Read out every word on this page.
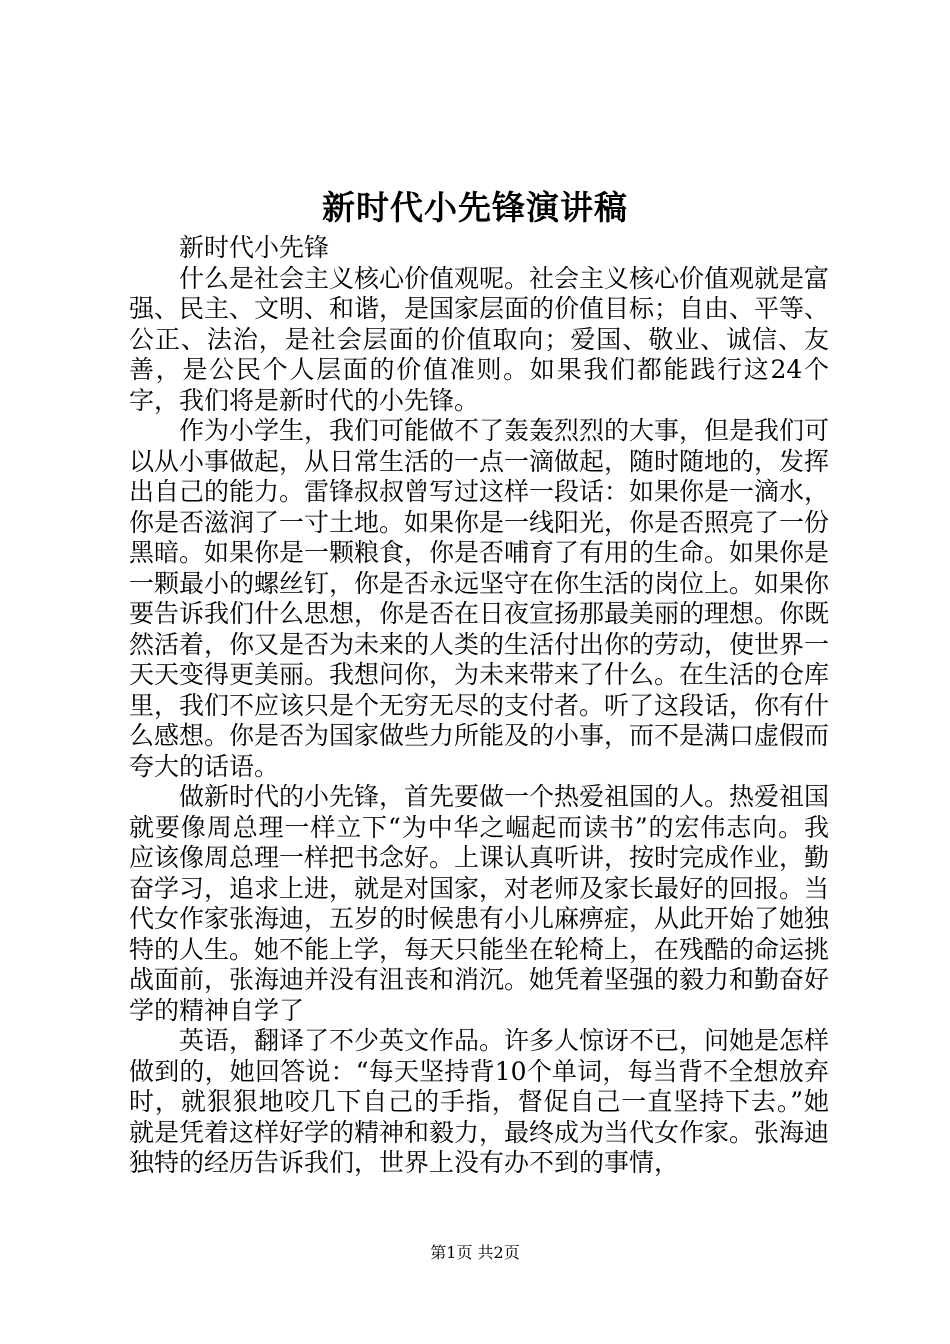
新时代小先锋演讲稿

新时代小先锋

什么是社会主义核心价值观呢。社会主义核心价值观就是富强、民主、文明、和谐，是国家层面的价值目标；自由、平等、公正、法治，是社会层面的价值取向；爱国、敬业、诚信、友善，是公民个人层面的价值准则。如果我们都能践行这24个字，我们将是新时代的小先锋。

作为小学生，我们可能做不了轰轰烈烈的大事，但是我们可以从小事做起，从日常生活的一点一滴做起，随时随地的，发挥出自己的能力。雷锋叔叔曾写过这样一段话：如果你是一滴水，你是否滋润了一寸土地。如果你是一线阳光，你是否照亮了一份黑暗。如果你是一颗粮食，你是否哺育了有用的生命。如果你是一颗最小的螺丝钉，你是否永远坚守在你生活的岗位上。如果你要告诉我们什么思想，你是否在日夜宣扬那最美丽的理想。你既然活着，你又是否为未来的人类的生活付出你的劳动，使世界一天天变得更美丽。我想问你，为未来带来了什么。在生活的仓库里，我们不应该只是个无穷无尽的支付者。听了这段话，你有什么感想。你是否为国家做些力所能及的小事，而不是满口虚假而夸大的话语。

做新时代的小先锋，首先要做一个热爱祖国的人。热爱祖国就要像周总理一样立下“为中华之崛起而读书”的宏伟志向。我应该像周总理一样把书念好。上课认真听讲，按时完成作业，勤奋学习，追求上进，就是对国家，对老师及家长最好的回报。当代女作家张海迪，五岁的时候患有小儿麻痹症，从此开始了她独特的人生。她不能上学，每天只能坐在轮椅上，在残酷的命运挑战面前，张海迪并没有沮丧和消沉。她凭着坚强的毅力和勤奋好学的精神自学了

英语，翻译了不少英文作品。许多人惊讶不已，问她是怎样做到的，她回答说：“每天坚持背10个单词，每当背不全想放弃时，就狠狠地咬几下自己的手指，督促自己一直坚持下去。”她就是凭着这样好学的精神和毅力，最终成为当代女作家。张海迪独特的经历告诉我们，世界上没有办不到的事情，

第1页 共2页
